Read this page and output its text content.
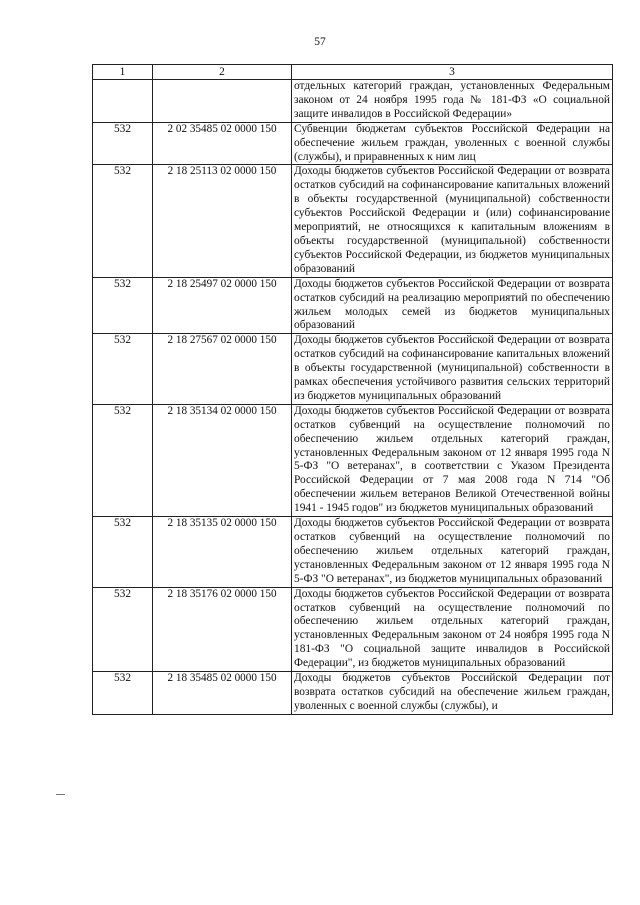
57
1	2	3
		отдельных категорий граждан, установленных Федеральным законом от 24 ноября 1995 года № 181-ФЗ «О социальной защите инвалидов в Российской Федерации»
532	2 02 35485 02 0000 150	Субвенции бюджетам субъектов Российской Федерации на обеспечение жильем граждан, уволенных с военной службы (службы), и приравненных к ним лиц
532	2 18 25113 02 0000 150	Доходы бюджетов субъектов Российской Федерации от возврата остатков субсидий на софинансирование капитальных вложений в объекты государственной (муниципальной) собственности субъектов Российской Федерации и (или) софинансирование мероприятий, не относящихся к капитальным вложениям в объекты государственной (муниципальной) собственности субъектов Российской Федерации, из бюджетов муниципальных образований
532	2 18 25497 02 0000 150	Доходы бюджетов субъектов Российской Федерации от возврата остатков субсидий на реализацию мероприятий по обеспечению жильем молодых семей из бюджетов муниципальных образований
532	2 18 27567 02 0000 150	Доходы бюджетов субъектов Российской Федерации от возврата остатков субсидий на софинансирование капитальных вложений в объекты государственной (муниципальной) собственности в рамках обеспечения устойчивого развития сельских территорий из бюджетов муниципальных образований
532	2 18 35134 02 0000 150	Доходы бюджетов субъектов Российской Федерации от возврата остатков субвенций на осуществление полномочий по обеспечению жильем отдельных категорий граждан, установленных Федеральным законом от 12 января 1995 года N 5-ФЗ "О ветеранах", в соответствии с Указом Президента Российской Федерации от 7 мая 2008 года N 714 "Об обеспечении жильем ветеранов Великой Отечественной войны 1941 - 1945 годов" из бюджетов муниципальных образований
532	2 18 35135 02 0000 150	Доходы бюджетов субъектов Российской Федерации от возврата остатков субвенций на осуществление полномочий по обеспечению жильем отдельных категорий граждан, установленных Федеральным законом от 12 января 1995 года N 5-ФЗ "О ветеранах", из бюджетов муниципальных образований
532	2 18 35176 02 0000 150	Доходы бюджетов субъектов Российской Федерации от возврата остатков субвенций на осуществление полномочий по обеспечению жильем отдельных категорий граждан, установленных Федеральным законом от 24 ноября 1995 года N 181-ФЗ "О социальной защите инвалидов в Российской Федерации", из бюджетов муниципальных образований
532	2 18 35485 02 0000 150	Доходы бюджетов субъектов Российской Федерации пот возврата остатков субсидий на обеспечение жильем граждан, уволенных с военной службы (службы), и
